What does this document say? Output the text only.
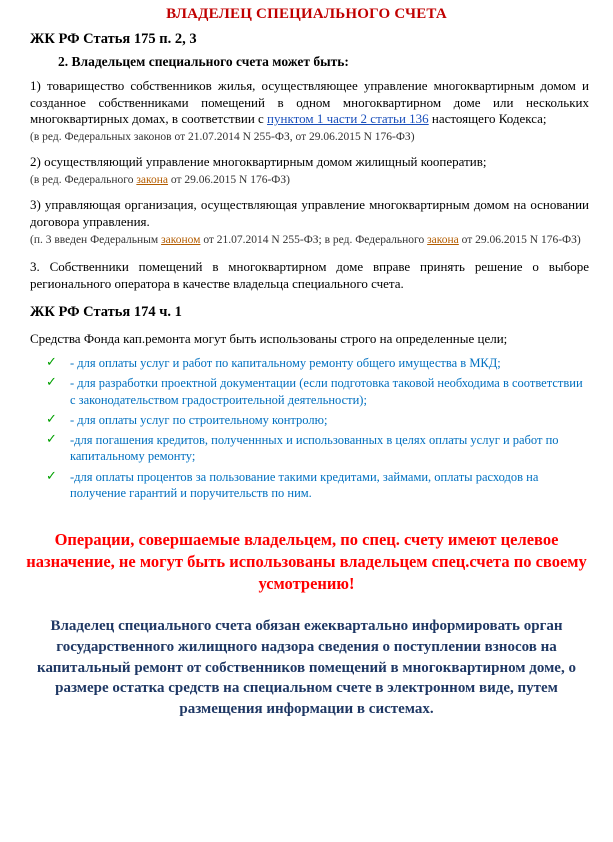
ВЛАДЕЛЕЦ СПЕЦИАЛЬНОГО СЧЕТА
ЖК РФ Статья 175 п. 2, 3
2. Владельцем специального счета может быть:
1) товарищество собственников жилья, осуществляющее управление многоквартирным домом и созданное собственниками помещений в одном многоквартирном доме или нескольких многоквартирных домах, в соответствии с пунктом 1 части 2 статьи 136 настоящего Кодекса;
(в ред. Федеральных законов от 21.07.2014 N 255-ФЗ, от 29.06.2015 N 176-ФЗ)
2) осуществляющий управление многоквартирным домом жилищный кооператив;
(в ред. Федерального закона от 29.06.2015 N 176-ФЗ)
3) управляющая организация, осуществляющая управление многоквартирным домом на основании договора управления.
(п. 3 введен Федеральным законом от 21.07.2014 N 255-ФЗ; в ред. Федерального закона от 29.06.2015 N 176-ФЗ)
3. Собственники помещений в многоквартирном доме вправе принять решение о выборе регионального оператора в качестве владельца специального счета.
ЖК РФ Статья 174 ч. 1
Средства Фонда кап.ремонта могут быть использованы строго на определенные цели;
✓ - для оплаты услуг и работ по капитальному ремонту общего имущества в МКД;
✓ - для разработки проектной документации (если подготовка таковой необходима в соответствии с законодательством градостроительной деятельности);
✓ - для оплаты услуг по строительному контролю;
✓ -для погашения кредитов, полученнных и использованных в целях оплаты услуг и работ по капитальному ремонту;
✓ -для оплаты процентов за пользование такими кредитами, займами, оплаты расходов на получение гарантий и поручительств по ним.
Операции, совершаемые владельцем, по спец. счету имеют целевое назначение, не могут быть использованы владельцем спец.счета по своему усмотрению!
Владелец специального счета обязан ежеквартально информировать орган государственного жилищного надзора сведения о поступлении взносов на капитальный ремонт от собственников помещений в многоквартирном доме, о размере остатка средств на специальном счете в электронном виде, путем размещения информации в системах.
